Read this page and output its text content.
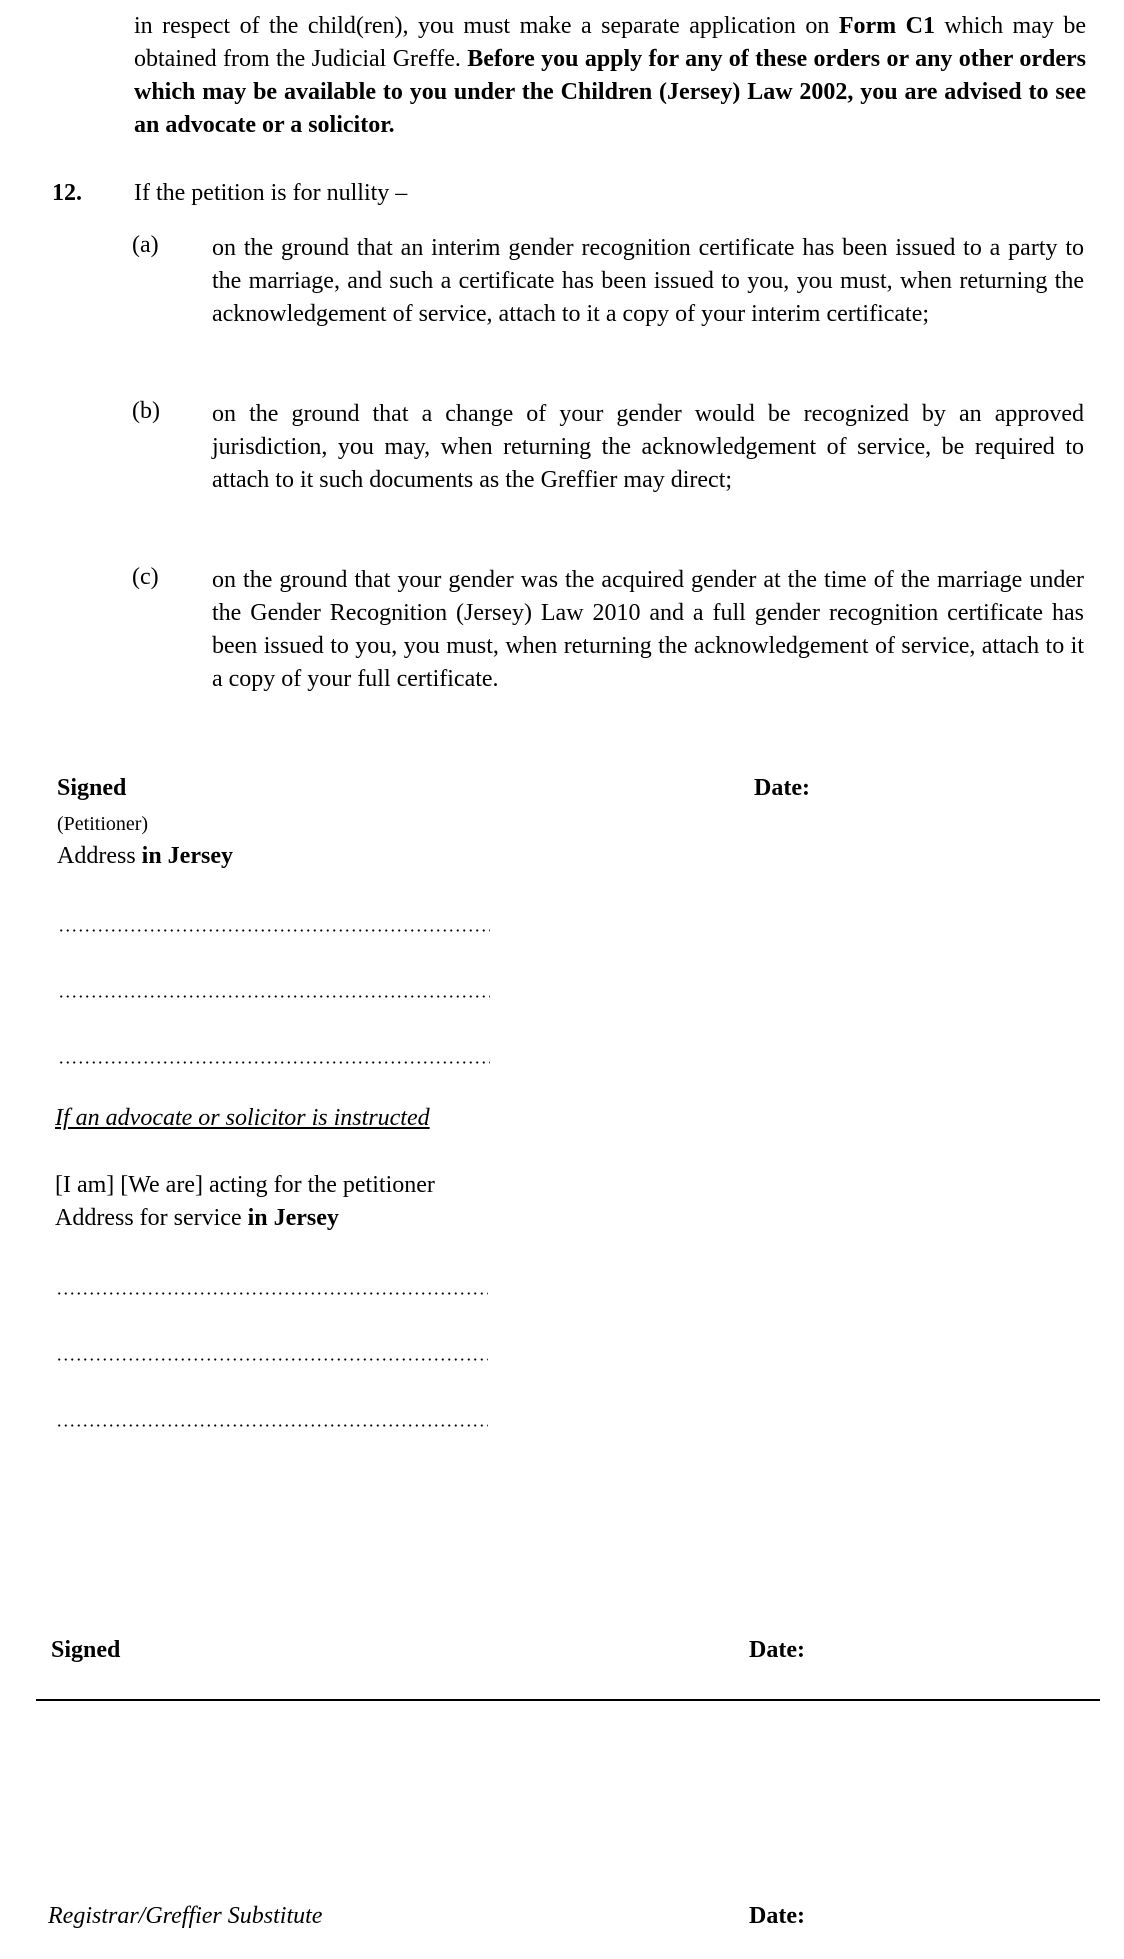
in respect of the child(ren), you must make a separate application on Form C1 which may be obtained from the Judicial Greffe. Before you apply for any of these orders or any other orders which may be available to you under the Children (Jersey) Law 2002, you are advised to see an advocate or a solicitor.
12. If the petition is for nullity –
(a) on the ground that an interim gender recognition certificate has been issued to a party to the marriage, and such a certificate has been issued to you, you must, when returning the acknowledgement of service, attach to it a copy of your interim certificate;
(b) on the ground that a change of your gender would be recognized by an approved jurisdiction, you may, when returning the acknowledgement of service, be required to attach to it such documents as the Greffier may direct;
(c) on the ground that your gender was the acquired gender at the time of the marriage under the Gender Recognition (Jersey) Law 2010 and a full gender recognition certificate has been issued to you, you must, when returning the acknowledgement of service, attach to it a copy of your full certificate.
Signed	Date:
(Petitioner)
Address in Jersey
If an advocate or solicitor is instructed
[I am] [We are] acting for the petitioner
Address for service in Jersey
Signed	Date:
Registrar/Greffier Substitute	Date:
